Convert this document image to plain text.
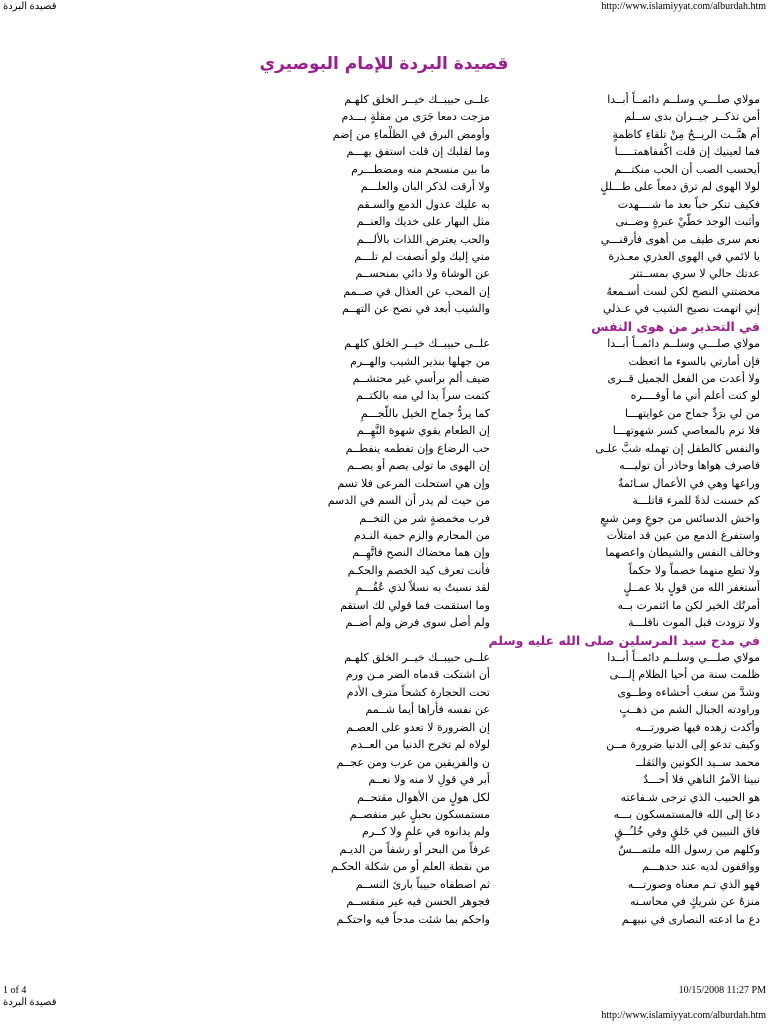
قصيدة البردة	http://www.islamiyyat.com/alburdah.htm
قصيدة البردة للإمام البوصيري
مولاي صلـــي وسلــم دائمــاً أبــدا
أمن تذكــر جيــران بذى ســلم
أم هبَّــت الريــحُ مِنْ تلقاءِ كاظمةٍ
فما لعينيك إن قلت اكْففاهمتـــــا
أيحسب الصب أن الحب منكتـــم
لولا الهوى لم ترق دمعاً على طـــللٍ
فكيف تنكر حباً بعد ما شــــهدت
وأثبت الوجد خطَّيْ عبرةٍ وضــنى
نعم سرى طيف من أهوى فأرقنـــي
يا لائمي في الهوى العذري معـذرة
عدتك حالي لا سري بمســتتر
محضتني النصح لكن لست أسـمعهُ
إني اتهمت نصيح الشيب في عـذلي
في التحذير من هوى النفس
مولاي صلـــي وسلــم دائمــاً أبــدا
فإن أمارتي بالسوء ما اتعظت
ولا أعدت من الفعل الجميل قــرى
لو كنت أعلم أني ما أوقــــره
من لي برَدِّ جماح من غوايتهـــا
فلا ترم بالمعاصي كسر شهوتهـــا
والنفس كالطفل إن تهمله شبَّ علـى
فاصرف هواها وحاذر أن توليـــه
وراعها وهي في الأعمال سـائمةٌ
كم حسنت لذةً للمرء قاتلـــة
واخش الدسائس من جوعٍ ومن شبعٍ
واستفرغ الدمع من عين قد امتلأت
وخالف النفس والشيطان واعصهما
ولا تطع منهما خصماً ولا حكماً
أستغفر الله من قولٍ بلا عمــلٍ
أمرتُك الخير لكن ما ائتمرت بــه
ولا تزودت قبل الموت نافلـــة
في مدح سيد المرسلين صلى الله عليه وسلم
مولاي صلـــي وسلــم دائمــاً أبــدا
ظلمت سنة من أحيا الظلام إلـــى
وشدَّ من سغب أحشاءه وطــوى
وراودته الجبال الشم من ذهــبٍ
وأكدت زهده فيها ضرورتـــه
وكيف تدعو إلى الدنيا ضرورة مــن
محمد ســيد الكونين والثقلــ
نبينا الآمرُ الناهي فلا أحـــدٌ
هو الحبيب الذي ترجى شـفاعته
دعا إلى الله فالمستمسكون بـــه
فاق النبيين في خَلقٍ وفي خُلـُــقٍ
وكلهم من رسول الله ملتمـــسٌ
وواقفون لديه عند حدهـــم
فهو الذي تـم معناه وصورتـــه
منزهٌ عن شريكٍ في محاسـنه
دع ما ادعته النصارى في نبيهـم
علــى حبيبــك خيــر الخلق كلهـم
مزجت دمعا جَرَى من مقلةٍ بـــدم
وأومض البرق في الظلْماءِ من إضم
وما لقلبك إن قلت استفق يهـــم
ما بين منسجم منه ومضطـــرم
ولا أرقت لذكر البان والعلـــم
به عليك عدول الدمع والسـقم
مثل البهار على خديك والعنــم
والحب يعترض اللذات بالألـــم
مني إليك ولو أنصفت لم تلـــم
عن الوشاة ولا دائي بمنحســم
إن المحب عن العذال في صــمم
والشيب أبعد في نصح عن التهــم
علــى حبيبــك خيــر الخلق كلهـم
من جهلها بنذير الشيب والهــرم
ضيف ألم برأسي غير محتشــم
كتمت سراً بدا لي منه بالكتــم
كما يردُّ جماح الخيل باللُّجـــمِ
إن الطعام يقوي شهوة النَّهِــم
حب الرضاع وإن تفطمه ينفطــم
إن الهوى ما تولى يصم أو يصــم
وإن هي استحلت المرعى فلا تسم
من حيث لم يدر أن السم في الدسم
فرب مخمصةٍ شر من التخــم
من المحارم والزم حمية النـدم
وإن هما محضاك النصح فاتَّهِــم
فأنت تعرف كيد الخصم والحكـم
لقد نسبتُ به نسلاً لذي عُقُـــمِ
وما استقمت فما قولي لك استقم
ولم أصل سوى فرض ولم أصــم
علــى حبيبــك خيــر الخلق كلهـم
أن اشتكت قدماه الضر مـن ورم
تحت الحجارة كشحاً مترف الأدم
عن نفسه فأراها أيما شــمم
إن الضرورة لا تعدو على العصـم
لولاه لم تخرج الدنيا من العــدم
ن والفريقين من عرب ومن عجــم
أبر في قولِ لا منه ولا نعــم
لكل هولٍ من الأهوال مقتحــم
مستمسكون بحبلٍ غير منفصــم
ولم يدانوه في علمٍ ولا كــرم
غرفاً من البحر أو رشفاً من الديـم
من نقطة العلم أو من شكلة الحكـم
ثم اصطفاه حبيباً بارئ النســم
فجوهر الحسن فيه غير منقســم
واحكم بما شئت مدحاً فيه واحتكـم
1 of 4	10/15/2008 11:27 PM
قصيدة البردة
http://www.islamiyyat.com/alburdah.htm
